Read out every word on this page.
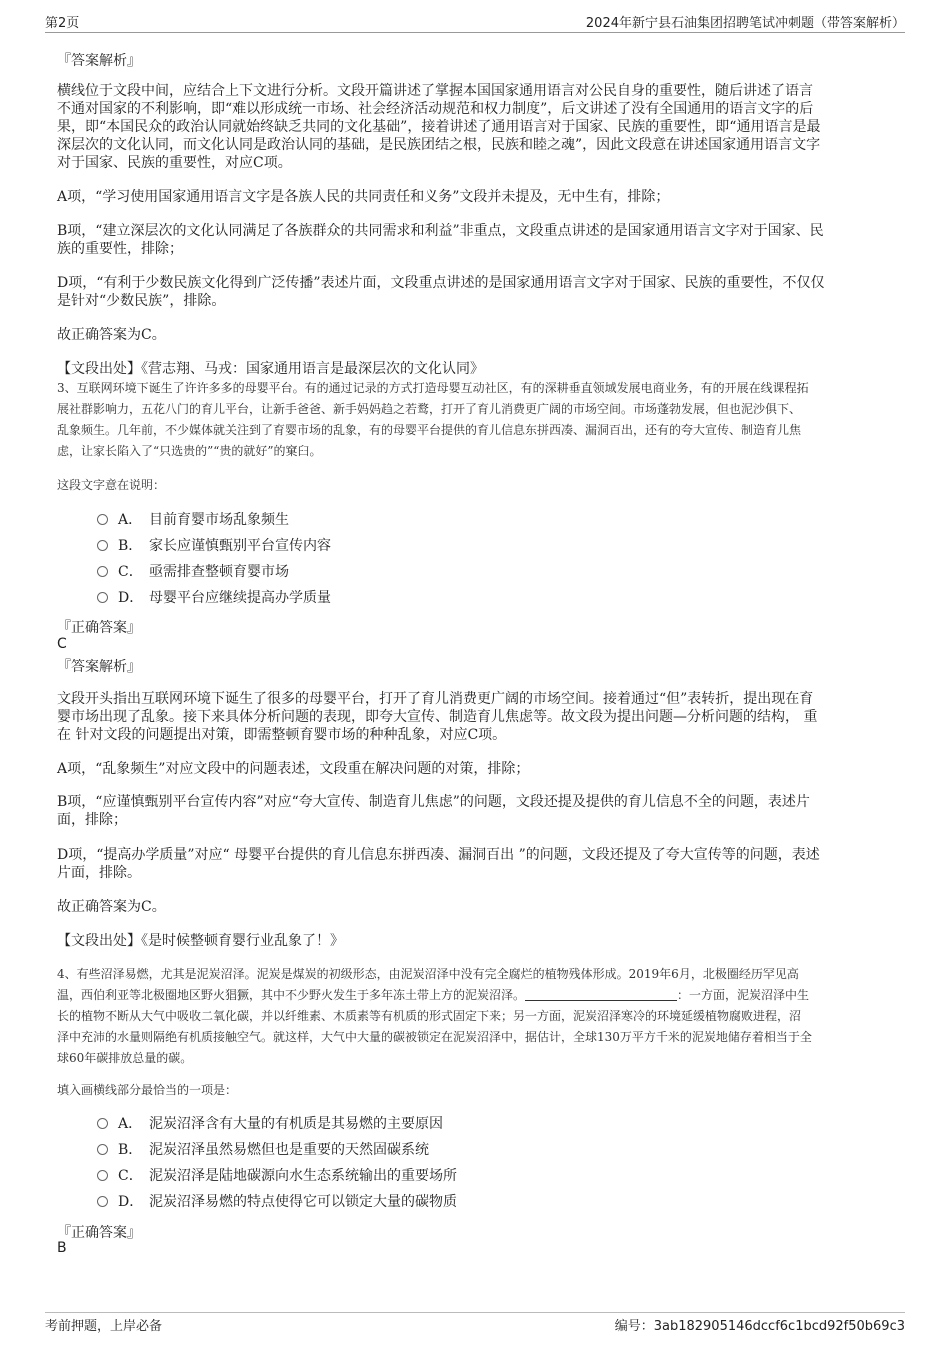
第2页	2024年新宁县石油集团招聘笔试冲刺题（带答案解析）
『答案解析』
横线位于文段中间，应结合上下文进行分析。文段开篇讲述了掌握本国国家通用语言对公民自身的重要性，随后讲述了语言
不通对国家的不利影响，即“难以形成统一市场、社会经济活动规范和权力制度”，后文讲述了没有全国通用的语言文字的后
果，即“本国民众的政治认同就始终缺乏共同的文化基础”，接着讲述了通用语言对于国家、民族的重要性，即“通用语言是最
深层次的文化认同，而文化认同是政治认同的基础，是民族团结之根，民族和睦之魂”，因此文段意在讲述国家通用语言文字
对于国家、民族的重要性，对应C项。
A项，“学习使用国家通用语言文字是各族人民的共同责任和义务”文段并未提及，无中生有，排除；
B项，“建立深层次的文化认同满足了各族群众的共同需求和利益”非重点，文段重点讲述的是国家通用语言文字对于国家、民
族的重要性，排除；
D项，“有利于少数民族文化得到广泛传播”表述片面，文段重点讲述的是国家通用语言文字对于国家、民族的重要性，不仅仅
是针对“少数民族”，排除。
故正确答案为C。
【文段出处】《营志翔、马戎：国家通用语言是最深层次的文化认同》
3、互联网环境下诞生了许许多多的母婴平台。有的通过记录的方式打造母婴互动社区，有的深耕垂直领域发展电商业务，有的开展在线课程拓
展社群影响力，五花八门的育儿平台，让新手爸爸、新手妈妈趋之若鹜，打开了育儿消费更广阔的市场空间。市场蓬勃发展，但也泥沙俱下、
乱象频生。几年前，不少媒体就关注到了育婴市场的乱象，有的母婴平台提供的育儿信息东拼西凑、漏洞百出，还有的夸大宣传、制造育儿焦
虑，让家长陷入了“只选贵的”“贵的就好”的窠臼。
这段文字意在说明：
A． 目前育婴市场乱象频生
B． 家长应谨慎甄别平台宣传内容
C． 亟需排查整顿育婴市场
D． 母婴平台应继续提高办学质量
『正确答案』
C
『答案解析』
文段开头指出互联网环境下诞生了很多的母婴平台，打开了育儿消费更广阔的市场空间。接着通过“但”表转折，提出现在育
婴市场出现了乱象。接下来具体分析问题的表现，即夸大宣传、制造育儿焦虑等。故文段为提出问题—分析问题的结构， 重
在 针对文段的问题提出对策，即需整顿育婴市场的种种乱象，对应C项。
A项，“乱象频生”对应文段中的问题表述，文段重在解决问题的对策，排除；
B项，“应谨慎甄别平台宣传内容”对应“夸大宣传、制造育儿焦虑”的问题，文段还提及提供的育儿信息不全的问题，表述片
面，排除；
D项，“提高办学质量”对应“ 母婴平台提供的育儿信息东拼西凑、漏洞百出 ”的问题，文段还提及了夸大宣传等的问题，表述
片面，排除。
故正确答案为C。
【文段出处】《是时候整顿育婴行业乱象了！》
4、有些沼泽易燃，尤其是泥炭沼泽。泥炭是煤炭的初级形态，由泥炭沼泽中没有完全腐烂的植物残体形成。2019年6月，北极圈经历罕见高
温，西伯利亚等北极圈地区野火猖獗，其中不少野火发生于多年冻土带上方的泥炭沼泽。	：一方面，泥炭沼泽中生
长的植物不断从大气中吸收二氧化碳，并以纤维素、木质素等有机质的形式固定下来；另一方面，泥炭沼泽寒冷的环境延缓植物腐败进程，沼
泽中充沛的水量则隔绝有机质接触空气。就这样，大气中大量的碳被锁定在泥炭沼泽中，据估计，全球130万平方千米的泥炭地储存着相当于全
球60年碳排放总量的碳。
填入画横线部分最恰当的一项是：
A． 泥炭沼泽含有大量的有机质是其易燃的主要原因
B． 泥炭沼泽虽然易燃但也是重要的天然固碳系统
C． 泥炭沼泽是陆地碳源向水生态系统输出的重要场所
D． 泥炭沼泽易燃的特点使得它可以锁定大量的碳物质
『正确答案』
B
考前押题，上岸必备	编号：3ab182905146dccf6c1bcd92f50b69c3
